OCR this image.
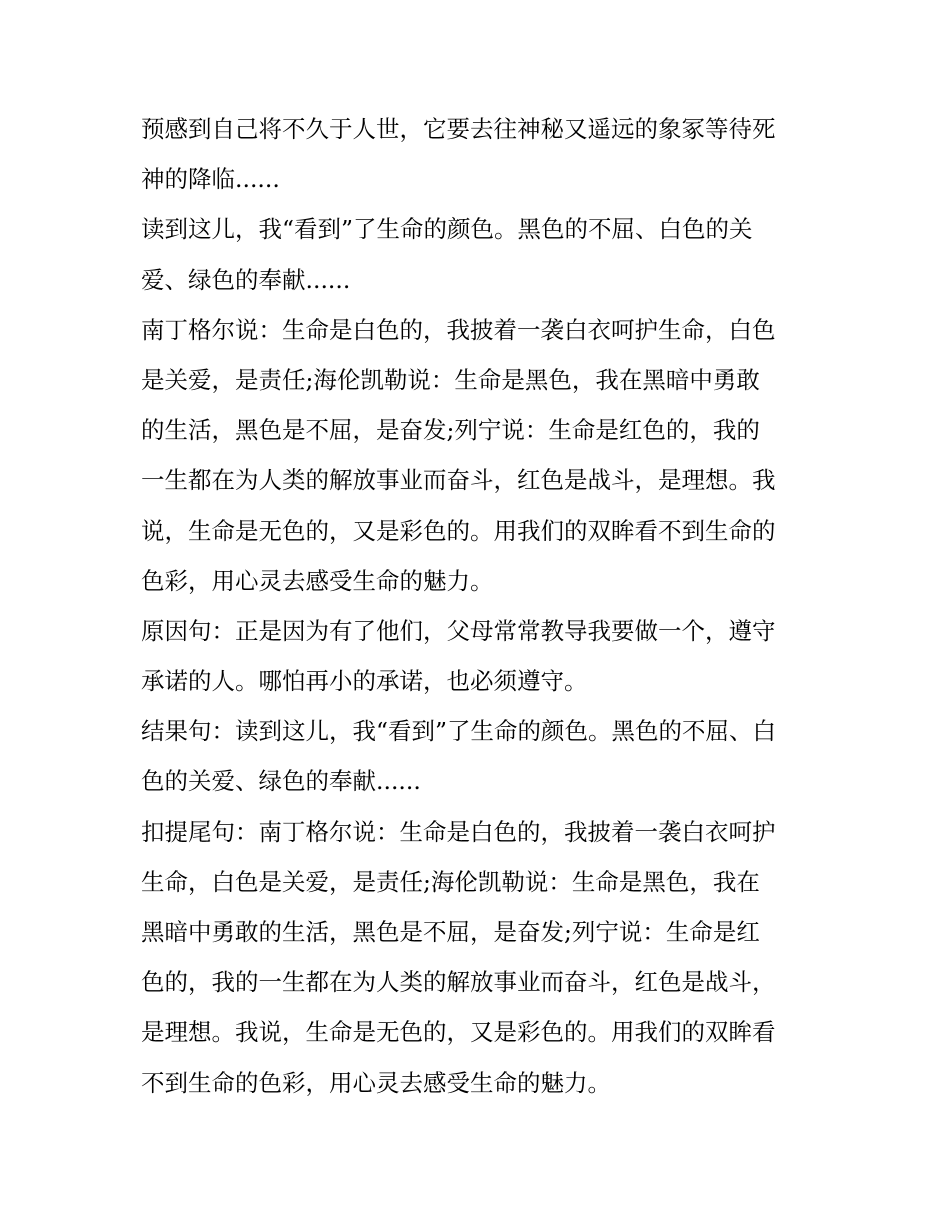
预感到自己将不久于人世，它要去往神秘又遥远的象冢等待死
神的降临......
读到这儿，我“看到”了生命的颜色。黑色的不屈、白色的关
爱、绿色的奉献......
南丁格尔说：生命是白色的，我披着一袭白衣呵护生命，白色
是关爱，是责任;海伦凯勒说：生命是黑色，我在黑暗中勇敢
的生活，黑色是不屈，是奋发;列宁说：生命是红色的，我的
一生都在为人类的解放事业而奋斗，红色是战斗，是理想。我
说，生命是无色的，又是彩色的。用我们的双眸看不到生命的
色彩，用心灵去感受生命的魅力。
原因句：正是因为有了他们，父母常常教导我要做一个，遵守
承诺的人。哪怕再小的承诺，也必须遵守。
结果句：读到这儿，我“看到”了生命的颜色。黑色的不屈、白
色的关爱、绿色的奉献......
扣提尾句：南丁格尔说：生命是白色的，我披着一袭白衣呵护
生命，白色是关爱，是责任;海伦凯勒说：生命是黑色，我在
黑暗中勇敢的生活，黑色是不屈，是奋发;列宁说：生命是红
色的，我的一生都在为人类的解放事业而奋斗，红色是战斗，
是理想。我说，生命是无色的，又是彩色的。用我们的双眸看
不到生命的色彩，用心灵去感受生命的魅力。
